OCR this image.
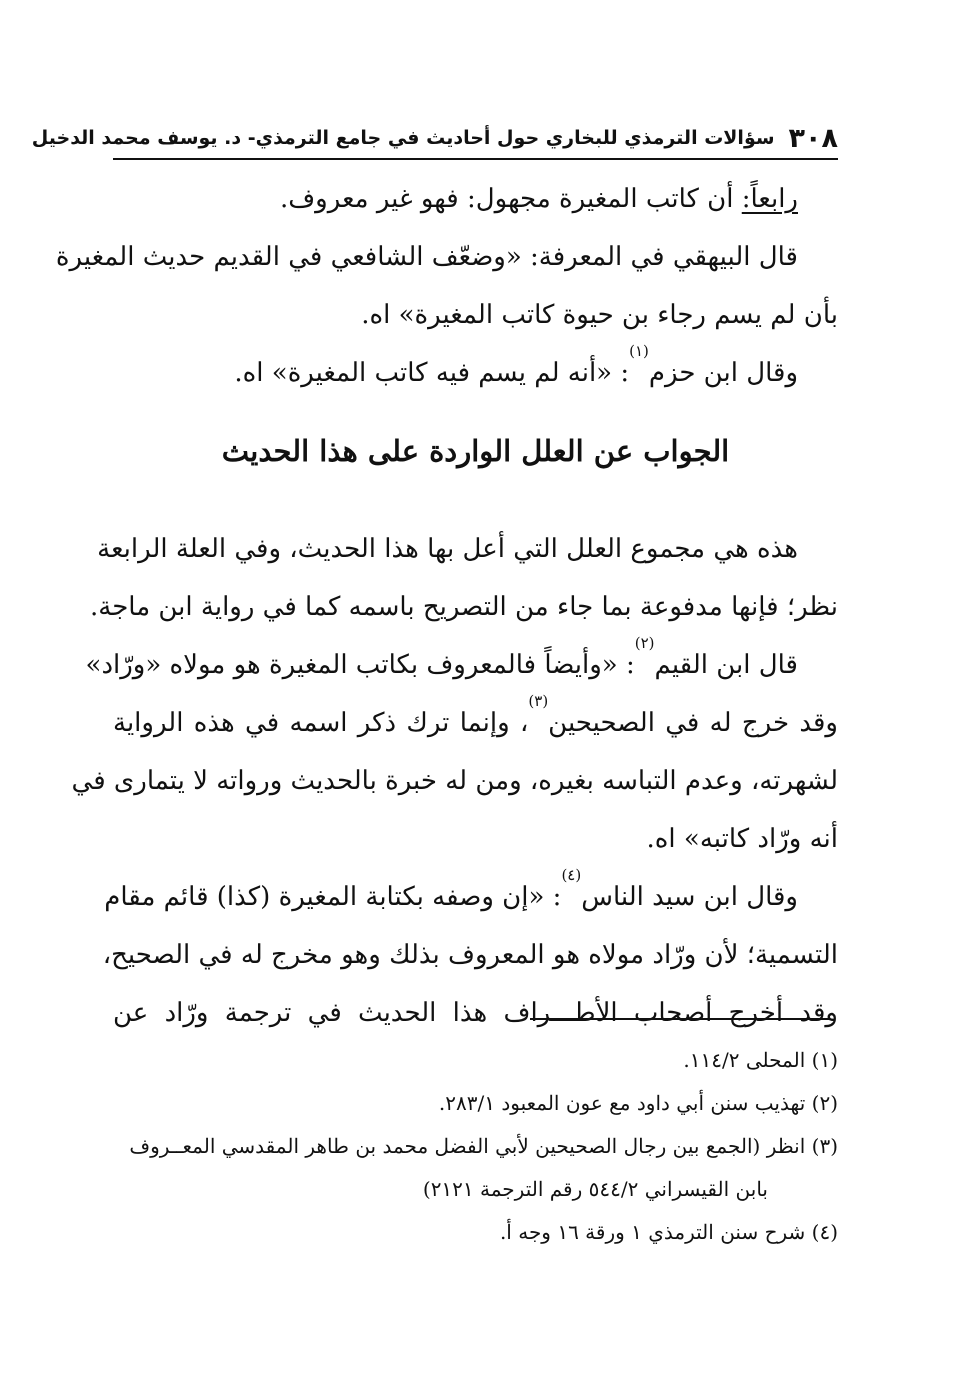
٣٠٨
سؤالات الترمذي للبخاري حول أحاديث في جامع الترمذي- د. يوسف محمد الدخيل
رابعاً: أن كاتب المغيرة مجهول: فهو غير معروف.
قال البيهقي في المعرفة: «وضعّف الشافعي في القديم حديث المغيرة
بأن لم يسم رجاء بن حيوة كاتب المغيرة» اه.
وقال ابن حزم$^{(١)}$: «أنه لم يسم فيه كاتب المغيرة» اه.
الجواب عن العلل الواردة على هذا الحديث
هذه هي مجموع العلل التي أعل بها هذا الحديث، وفي العلة الرابعة
نظر؛ فإنها مدفوعة بما جاء من التصريح باسمه كما في رواية ابن ماجة.
قال ابن القيم$^{(٢)}$: «وأيضاً فالمعروف بكاتب المغيرة هو مولاه «ورّاد»
وقد خرج له في الصحيحين$^{(٣)}$، وإنما ترك ذكر اسمه في هذه الرواية
لشهرته، وعدم التباسه بغيره، ومن له خبرة بالحديث ورواته لا يتمارى في
أنه ورّاد كاتبه» اه.
وقال ابن سيد الناس$^{(٤)}$: «إن وصفه بكتابة المغيرة (كذا) قائم مقام
التسمية؛ لأن ورّاد مولاه هو المعروف بذلك وهو مخرج له في الصحيح،
وقد أخرج أصحاب الأطـــراف هذا الحديث في ترجمة ورّاد عن
(١) المحلى ١١٤/٢.
(٢) تهذيب سنن أبي داود مع عون المعبود ٢٨٣/١.
(٣) انظر (الجمع بين رجال الصحيحين لأبي الفضل محمد بن طاهر المقدسي المعــروف
بابن القيسراني ٥٤٤/٢ رقم الترجمة ٢١٢١)
(٤) شرح سنن الترمذي ١ ورقة ١٦ وجه أ.
